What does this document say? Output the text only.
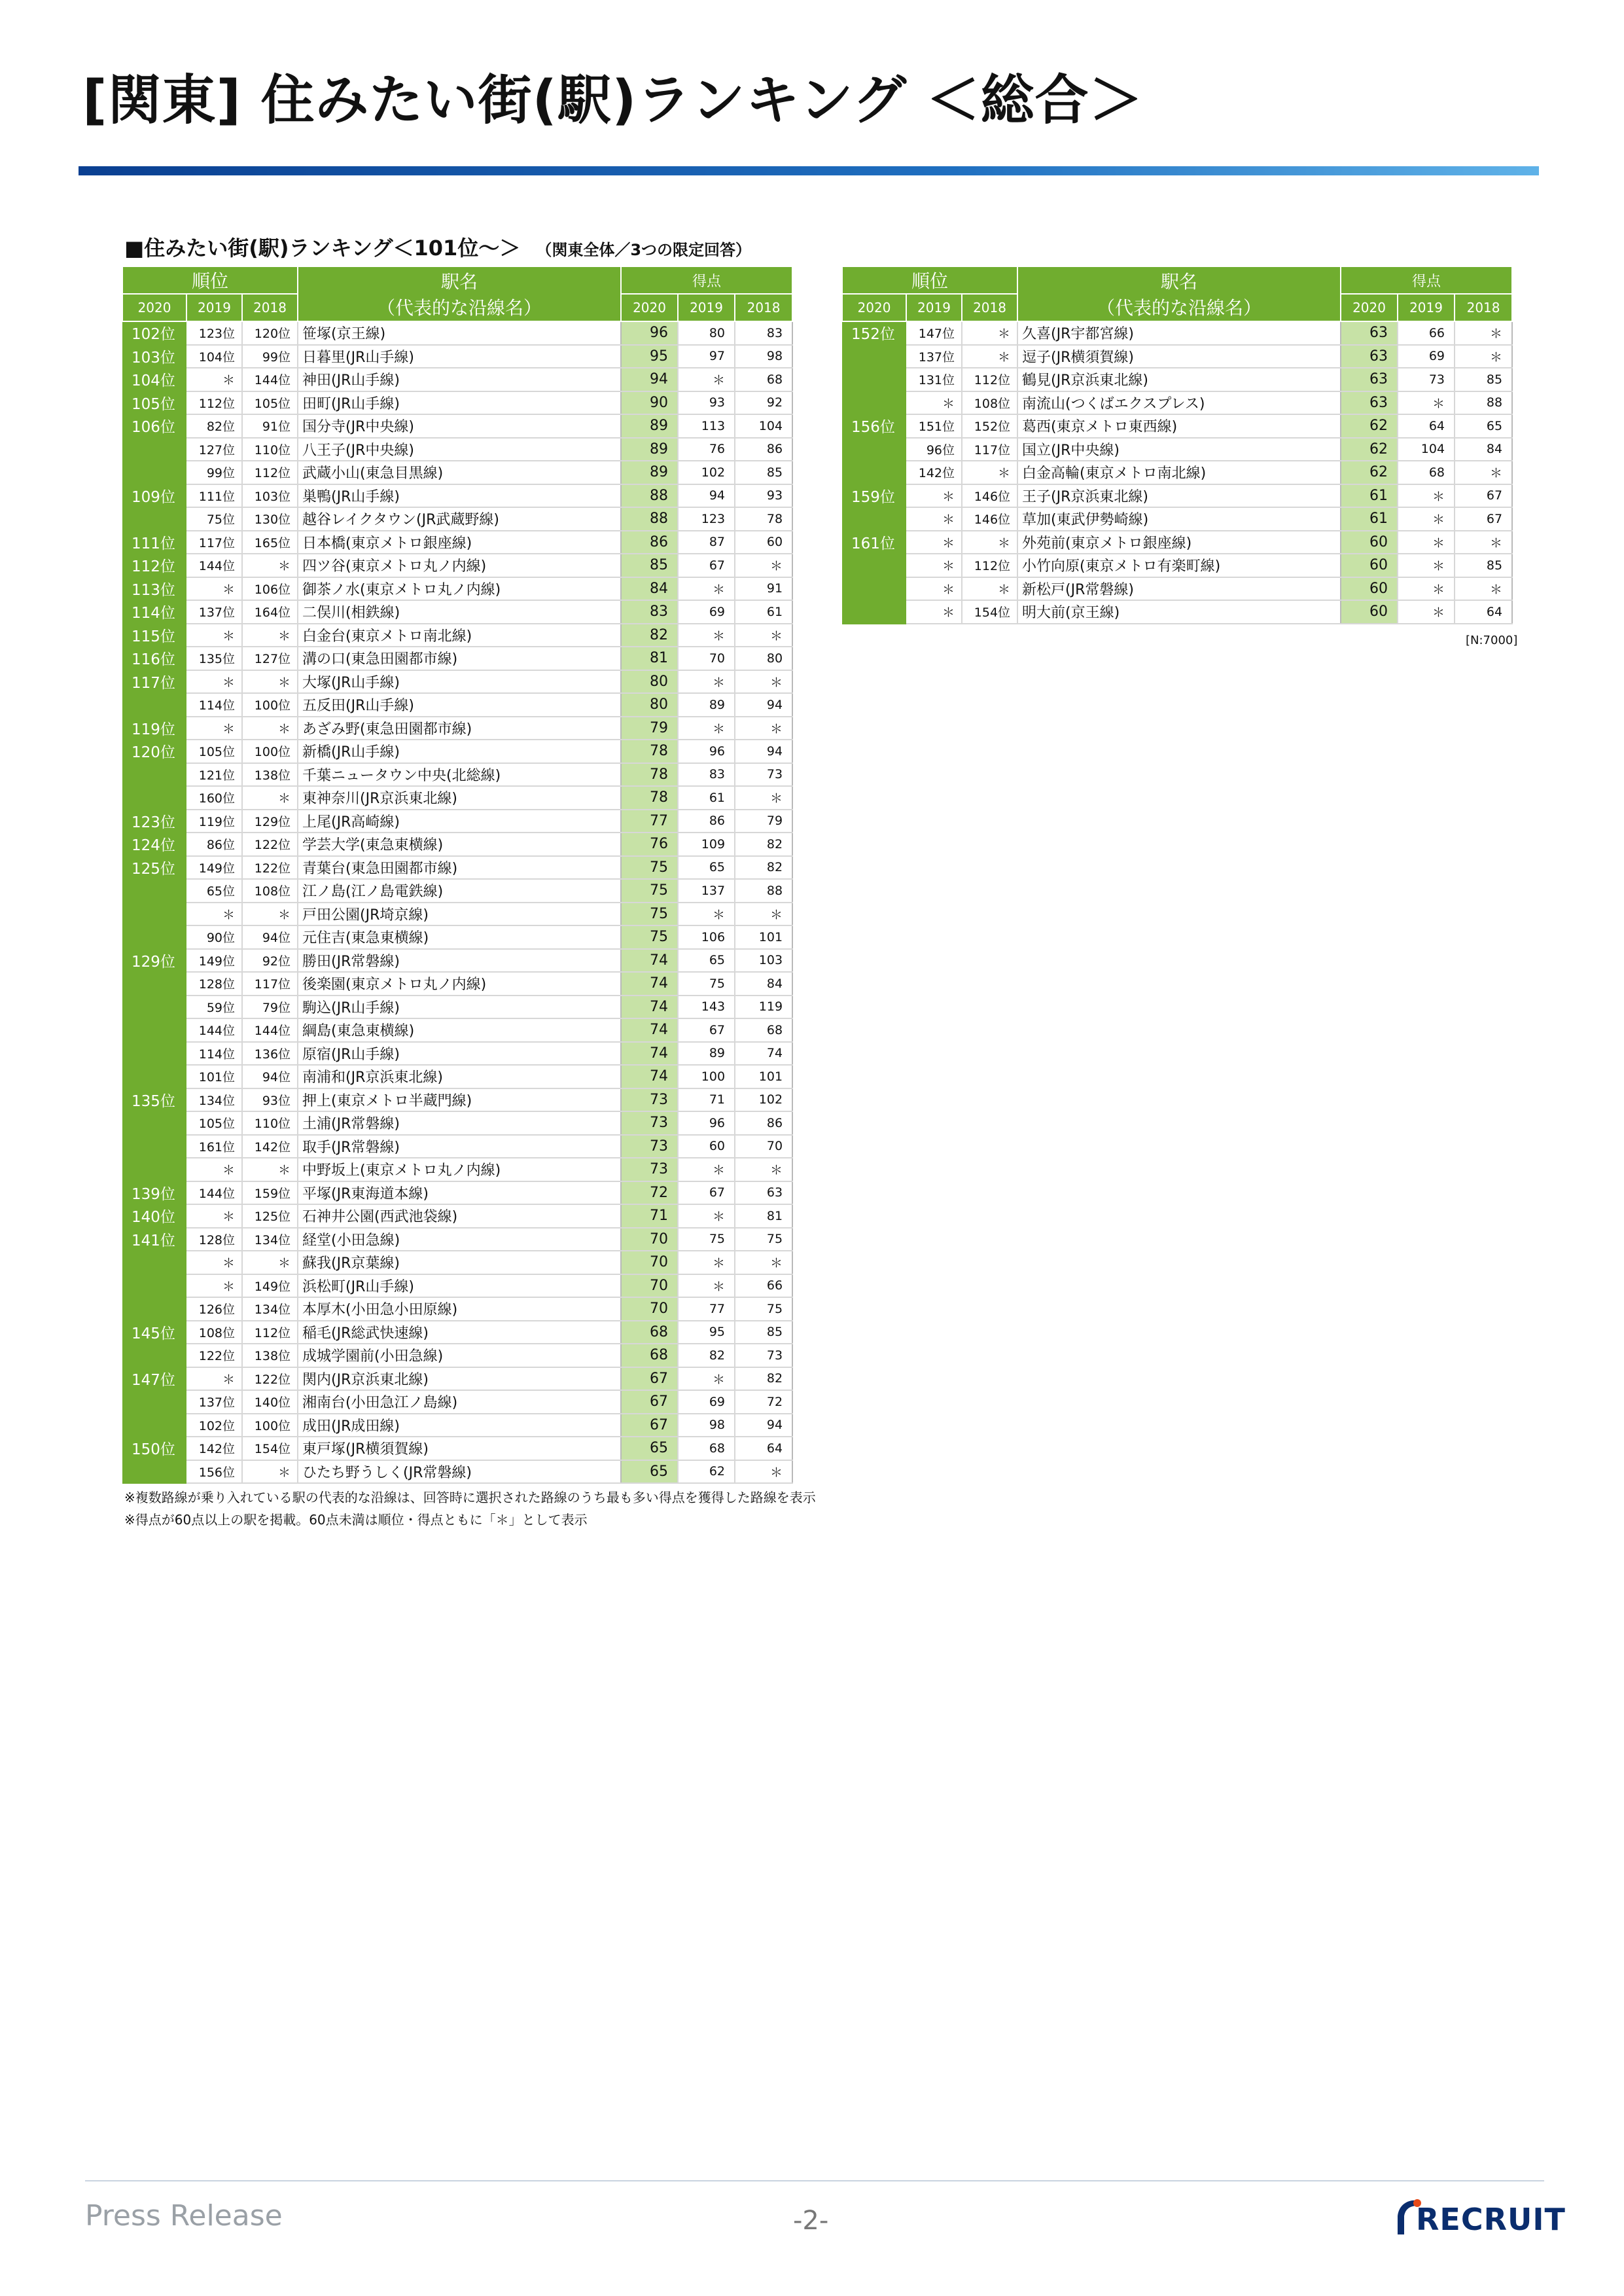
[関東] 住みたい街(駅)ランキング ＜総合＞
■住みたい街(駅)ランキング＜101位～＞ （関東全体／3つの限定回答）
順位			駅名
（代表的な沿線名）	得点		
2020	2019	2018		2020	2019	2018
102位	123位	120位	笹塚(京王線)	96	80	83
103位	104位	99位	日暮里(JR山手線)	95	97	98
104位	＊	144位	神田(JR山手線)	94	＊	68
105位	112位	105位	田町(JR山手線)	90	93	92
106位	82位	91位	国分寺(JR中央線)	89	113	104
	127位	110位	八王子(JR中央線)	89	76	86
	99位	112位	武蔵小山(東急目黒線)	89	102	85
109位	111位	103位	巣鴨(JR山手線)	88	94	93
	75位	130位	越谷レイクタウン(JR武蔵野線)	88	123	78
111位	117位	165位	日本橋(東京メトロ銀座線)	86	87	60
112位	144位	＊	四ツ谷(東京メトロ丸ノ内線)	85	67	＊
113位	＊	106位	御茶ノ水(東京メトロ丸ノ内線)	84	＊	91
114位	137位	164位	二俣川(相鉄線)	83	69	61
115位	＊	＊	白金台(東京メトロ南北線)	82	＊	＊
116位	135位	127位	溝の口(東急田園都市線)	81	70	80
117位	＊	＊	大塚(JR山手線)	80	＊	＊
	114位	100位	五反田(JR山手線)	80	89	94
119位	＊	＊	あざみ野(東急田園都市線)	79	＊	＊
120位	105位	100位	新橋(JR山手線)	78	96	94
	121位	138位	千葉ニュータウン中央(北総線)	78	83	73
	160位	＊	東神奈川(JR京浜東北線)	78	61	＊
123位	119位	129位	上尾(JR高崎線)	77	86	79
124位	86位	122位	学芸大学(東急東横線)	76	109	82
125位	149位	122位	青葉台(東急田園都市線)	75	65	82
	65位	108位	江ノ島(江ノ島電鉄線)	75	137	88
	＊	＊	戸田公園(JR埼京線)	75	＊	＊
	90位	94位	元住吉(東急東横線)	75	106	101
129位	149位	92位	勝田(JR常磐線)	74	65	103
	128位	117位	後楽園(東京メトロ丸ノ内線)	74	75	84
	59位	79位	駒込(JR山手線)	74	143	119
	144位	144位	綱島(東急東横線)	74	67	68
	114位	136位	原宿(JR山手線)	74	89	74
	101位	94位	南浦和(JR京浜東北線)	74	100	101
135位	134位	93位	押上(東京メトロ半蔵門線)	73	71	102
	105位	110位	土浦(JR常磐線)	73	96	86
	161位	142位	取手(JR常磐線)	73	60	70
	＊	＊	中野坂上(東京メトロ丸ノ内線)	73	＊	＊
139位	144位	159位	平塚(JR東海道本線)	72	67	63
140位	＊	125位	石神井公園(西武池袋線)	71	＊	81
141位	128位	134位	経堂(小田急線)	70	75	75
	＊	＊	蘇我(JR京葉線)	70	＊	＊
	＊	149位	浜松町(JR山手線)	70	＊	66
	126位	134位	本厚木(小田急小田原線)	70	77	75
145位	108位	112位	稲毛(JR総武快速線)	68	95	85
	122位	138位	成城学園前(小田急線)	68	82	73
147位	＊	122位	関内(JR京浜東北線)	67	＊	82
	137位	140位	湘南台(小田急江ノ島線)	67	69	72
	102位	100位	成田(JR成田線)	67	98	94
150位	142位	154位	東戸塚(JR横須賀線)	65	68	64
	156位	＊	ひたち野うしく(JR常磐線)	65	62	＊
順位			駅名
（代表的な沿線名）	得点		
2020	2019	2018		2020	2019	2018
152位	147位	＊	久喜(JR宇都宮線)	63	66	＊
	137位	＊	逗子(JR横須賀線)	63	69	＊
	131位	112位	鶴見(JR京浜東北線)	63	73	85
	＊	108位	南流山(つくばエクスプレス)	63	＊	88
156位	151位	152位	葛西(東京メトロ東西線)	62	64	65
	96位	117位	国立(JR中央線)	62	104	84
	142位	＊	白金高輪(東京メトロ南北線)	62	68	＊
159位	＊	146位	王子(JR京浜東北線)	61	＊	67
	＊	146位	草加(東武伊勢崎線)	61	＊	67
161位	＊	＊	外苑前(東京メトロ銀座線)	60	＊	＊
	＊	112位	小竹向原(東京メトロ有楽町線)	60	＊	85
	＊	＊	新松戸(JR常磐線)	60	＊	＊
	＊	154位	明大前(京王線)	60	＊	64
[N:7000]
※複数路線が乗り入れている駅の代表的な沿線は、回答時に選択された路線のうち最も多い得点を獲得した路線を表示
※得点が60点以上の駅を掲載。60点未満は順位・得点ともに「＊」として表示
Press Release	-2-	RECRUIT
